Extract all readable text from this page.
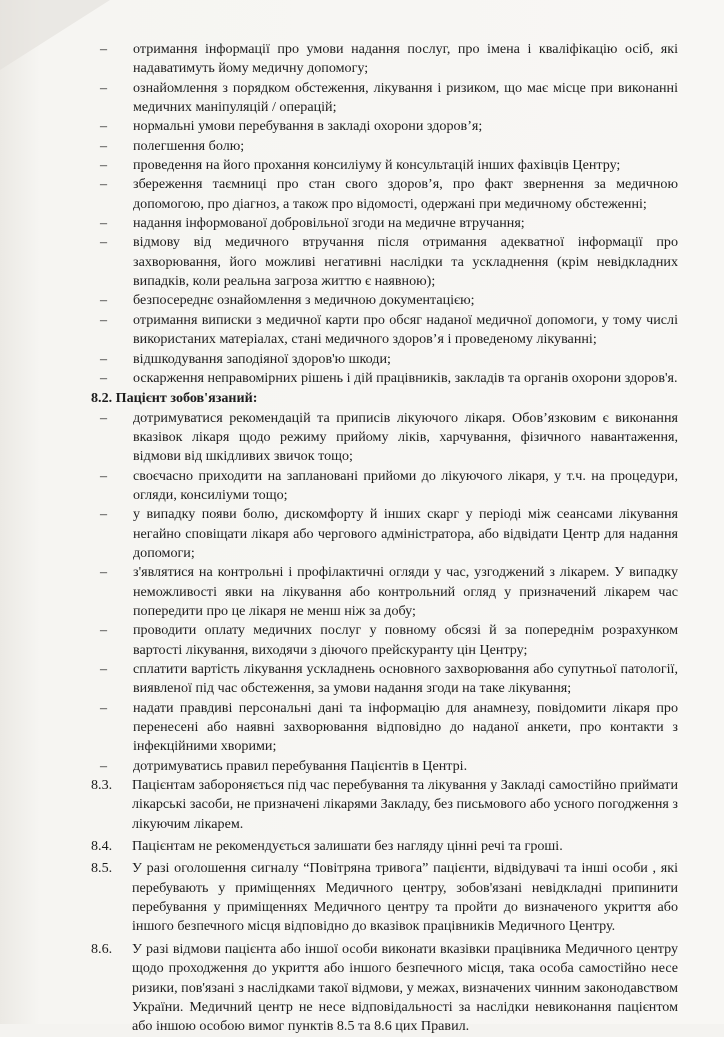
– отримання інформації про умови надання послуг, про імена і кваліфікацію осіб, які надаватимуть йому медичну допомогу;
– ознайомлення з порядком обстеження, лікування і ризиком, що має місце при виконанні медичних маніпуляцій / операцій;
– нормальні умови перебування в закладі охорони здоров’я;
– полегшення болю;
– проведення на його прохання консиліуму й консультацій інших фахівців Центру;
– збереження таємниці про стан свого здоров’я, про факт звернення за медичною допомогою, про діагноз, а також про відомості, одержані при медичному обстеженні;
– надання інформованої добровільної згоди на медичне втручання;
– відмову від медичного втручання після отримання адекватної інформації про захворювання, його можливі негативні наслідки та ускладнення (крім невідкладних випадків, коли реальна загроза життю є наявною);
– безпосереднє ознайомлення з медичною документацією;
– отримання виписки з медичної карти про обсяг наданої медичної допомоги, у тому числі використаних матеріалах, стані медичного здоров’я і проведеному лікуванні;
– відшкодування заподіяної здоров'ю шкоди;
– оскарження неправомірних рішень і дій працівників, закладів та органів охорони здоров'я.
8.2. Пацієнт зобов'язаний:
– дотримуватися рекомендацій та приписів лікуючого лікаря. Обов’язковим є виконання вказівок лікаря щодо режиму прийому ліків, харчування, фізичного навантаження, відмови від шкідливих звичок тощо;
– своєчасно приходити на заплановані прийоми до лікуючого лікаря, у т.ч. на процедури, огляди, консиліуми тощо;
– у випадку появи болю, дискомфорту й інших скарг у періоді між сеансами лікування негайно сповіщати лікаря або чергового адміністратора, або відвідати Центр для надання допомоги;
– з'являтися на контрольні і профілактичні огляди у час, узгоджений з лікарем. У випадку неможливості явки на лікування або контрольний огляд у призначений лікарем час попередити про це лікаря не менш ніж за добу;
– проводити оплату медичних послуг у повному обсязі й за попереднім розрахунком вартості лікування, виходячи з діючого прейскуранту цін Центру;
– сплатити вартість лікування ускладнень основного захворювання або супутньої патології, виявленої під час обстеження, за умови надання згоди на таке лікування;
– надати правдиві персональні дані та інформацію для анамнезу, повідомити лікаря про перенесені або наявні захворювання відповідно до наданої анкети, про контакти з інфекційними хворими;
– дотримуватись правил перебування Пацієнтів в Центрі.
8.3. Пацієнтам забороняється під час перебування та лікування у Закладі самостійно приймати лікарські засоби, не призначені лікарями Закладу, без письмового або усного погодження з лікуючим лікарем.
8.4. Пацієнтам не рекомендується залишати без нагляду цінні речі та гроші.
8.5. У разі оголошення сигналу “Повітряна тривога” пацієнти, відвідувачі та інші особи , які перебувають у приміщеннях Медичного центру, зобов'язані невідкладні припинити перебування у приміщеннях Медичного центру та пройти до визначеного укриття або іншого безпечного місця відповідно до вказівок працівників Медичного Центру.
8.6. У разі відмови пацієнта або іншої особи виконати вказівки працівника Медичного центру щодо проходження до укриття або іншого безпечного місця, така особа самостійно несе ризики, пов'язані з наслідками такої відмови, у межах, визначених чинним законодавством України. Медичний центр не несе відповідальності за наслідки невиконання пацієнтом або іншою особою вимог пунктів 8.5 та 8.6 цих Правил.
